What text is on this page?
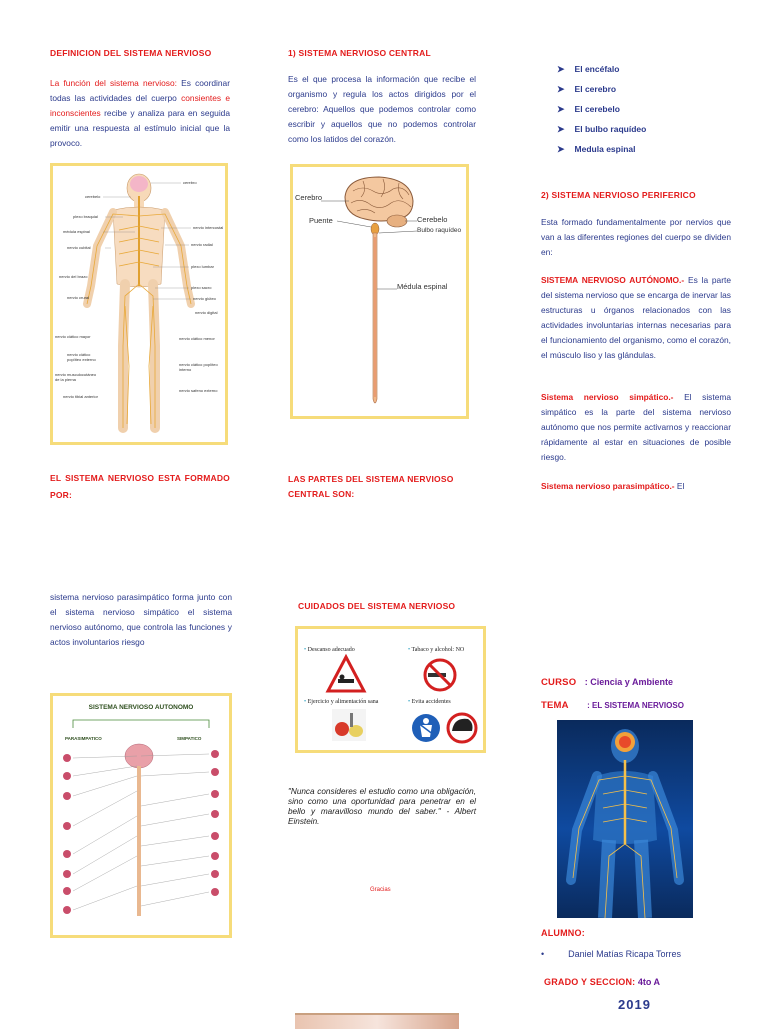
DEFINICION DEL SISTEMA NERVIOSO
La función del sistema nervioso: Es coordinar todas las actividades del cuerpo consientes e inconscientes recibe y analiza para en seguida emitir una respuesta al estímulo inicial que la provoco.
cerebro
cerebelo
plexo braquial
médula espinal
nervio cubital
nervio del brazo
nervio crural
nervio ciático mayor
nervio ciático poplíteo externo
nervio musculocutáneo de la pierna
nervio tibial anterior
nervio intercostal
nervio radial
plexo lumbar
plexo sacro
nervio glúteo
nervio digital
nervio ciático menor
nervio ciático poplíteo interno
nervio safeno externo
EL SISTEMA NERVIOSO ESTA FORMADO POR:
sistema nervioso parasimpático forma junto con el sistema nervioso simpático el sistema nervioso autónomo, que controla las funciones y actos involuntarios riesgo
SISTEMA NERVIOSO AUTONOMO
PARASIMPATICO	SIMPATICO
1) SISTEMA NERVIOSO CENTRAL
Es el que procesa la información que recibe el organismo y regula los actos dirigidos por el cerebro: Aquellos que podemos controlar como escribir y aquellos que no podemos controlar como los latidos del corazón.
Cerebro
Puente	Cerebelo
Bulbo raquídeo
Médula espinal
LAS PARTES DEL SISTEMA NERVIOSO CENTRAL SON:
CUIDADOS DEL SISTEMA NERVIOSO
• Descanso adecuado	• Tabaco y alcohol: NO
• Ejercicio y alimentación sana	• Evita accidentes
"Nunca consideres el estudio como una obligación, sino como una oportunidad para penetrar en el bello y maravilloso mundo del saber." - Albert Einstein.
Gracias
➤ El encéfalo
➤ El cerebro
➤ El cerebelo
➤ El bulbo raquídeo
➤ Medula espinal
2) SISTEMA NERVIOSO PERIFERICO
Esta formado fundamentalmente por nervios que van a las diferentes regiones del cuerpo se dividen en:
SISTEMA NERVIOSO AUTÓNOMO.- Es la parte del sistema nervioso que se encarga de inervar las estructuras u órganos relacionados con las actividades involuntarias internas necesarias para el funcionamiento del organismo, como el corazón, el músculo liso y las glándulas.
Sistema nervioso simpático.- El sistema simpático es la parte del sistema nervioso autónomo que nos permite activarnos y reaccionar rápidamente al estar en situaciones de posible riesgo.
Sistema nervioso parasimpático.- El
CURSO : Ciencia y Ambiente
TEMA : EL SISTEMA NERVIOSO
ALUMNO:
•	Daniel Matías Ricapa Torres
GRADO Y SECCION: 4to A
2019
